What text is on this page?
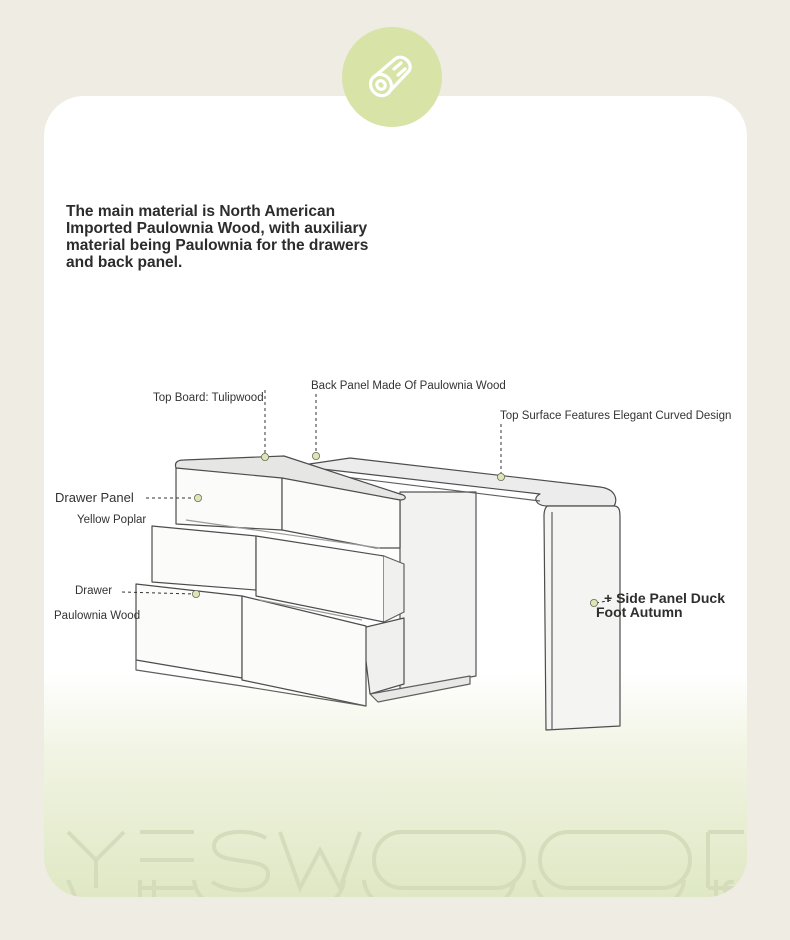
The main material is North American
Imported Paulownia Wood, with auxiliary
material being Paulownia for the drawers
and back panel.

Top Board: Tulipwood

Back Panel Made Of Paulownia Wood

Top Surface Features Elegant Curved Design

Drawer Panel

Yellow Poplar

Drawer

Paulownia Wood

+ Side Panel Duck

Foot Autumn
